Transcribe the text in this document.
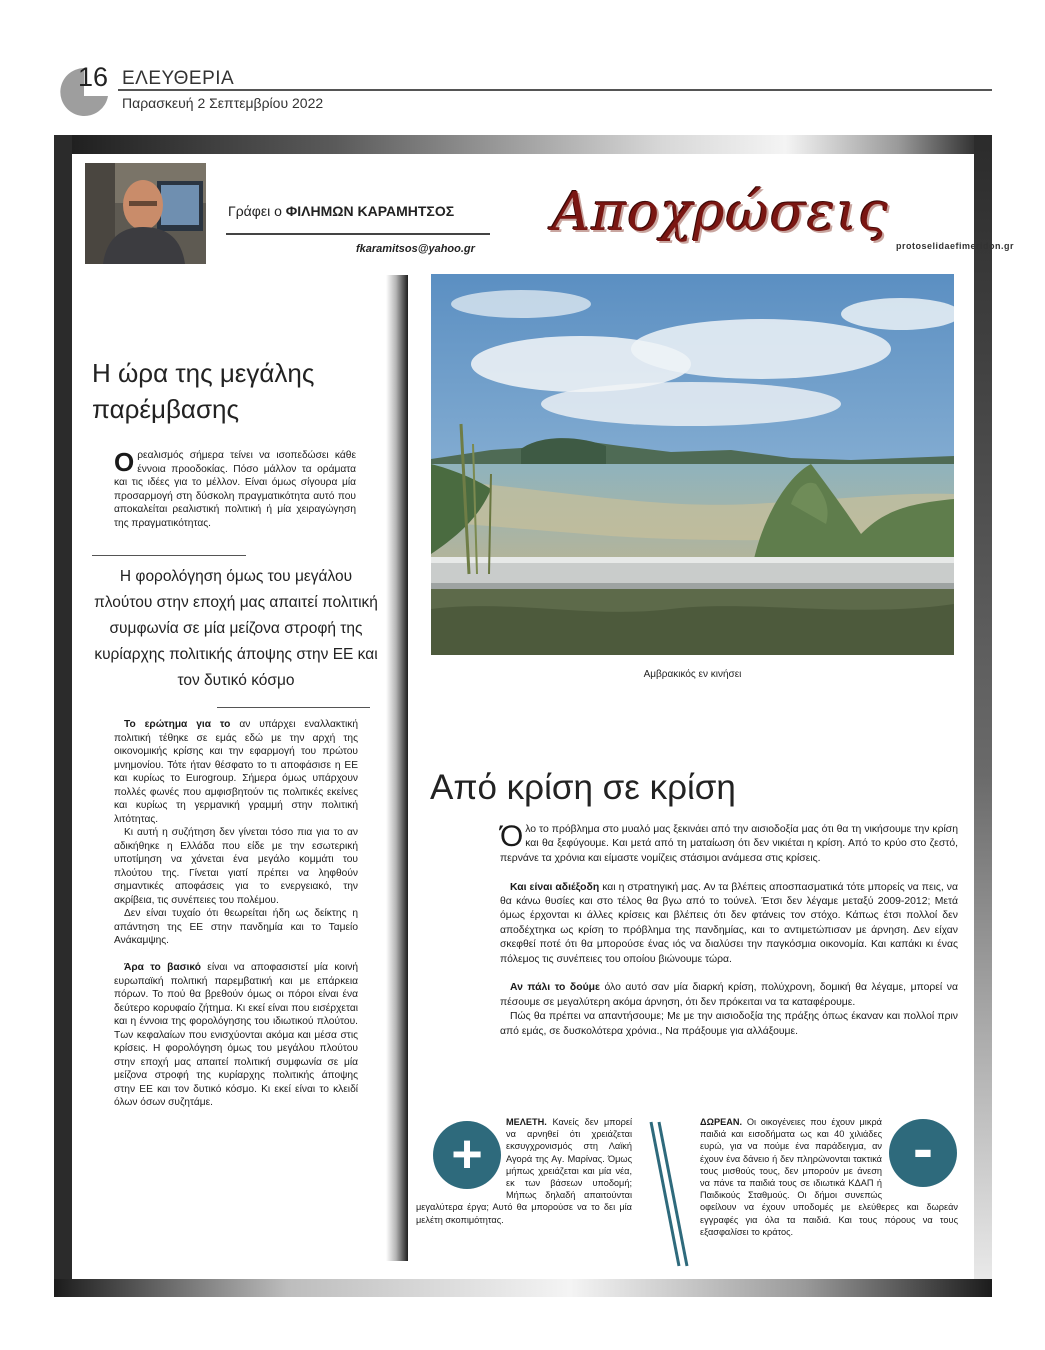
16 ΕΛΕΥΘΕΡΙΑ
Παρασκευή 2 Σεπτεμβρίου 2022
Γράφει ο ΦΙΛΗΜΩΝ ΚΑΡΑΜΗΤΣΟΣ
fkaramitsos@yahoo.gr
Αποχρώσεις
protoselidaefimeridon.gr
Η ώρα της μεγάλης παρέμβασης
Ο ρεαλισμός σήμερα τείνει να ισοπεδώσει κάθε έννοια προοδοκίας. Πόσο μάλλον τα οράματα και τις ιδέες για το μέλλον. Είναι όμως σίγουρα μία προσαρμογή στη δύσκολη πραγματικότητα αυτό που αποκαλείται ρεαλιστική πολιτική ή μία χειραγώγηση της πραγματικότητας.
Η φορολόγηση όμως του μεγάλου πλούτου στην εποχή μας απαιτεί πολιτική συμφωνία σε μία μείζονα στροφή της κυρίαρχης πολιτικής άποψης στην ΕΕ και τον δυτικό κόσμο

Το ερώτημα για το αν υπάρχει εναλλακτική πολιτική τέθηκε σε εμάς εδώ με την αρχή της οικονομικής κρίσης και την εφαρμογή του πρώτου μνημονίου. Τότε ήταν θέσφατο το τι αποφάσισε η ΕΕ και κυρίως το Eurogroup. Σήμερα όμως υπάρχουν πολλές φωνές που αμφισβητούν τις πολιτικές εκείνες και κυρίως τη γερμανική γραμμή στην πολιτική λιτότητας.

Κι αυτή η συζήτηση δεν γίνεται τόσο πια για το αν αδικήθηκε η Ελλάδα που είδε με την εσωτερική υποτίμηση να χάνεται ένα μεγάλο κομμάτι του πλούτου της. Γίνεται γιατί πρέπει να ληφθούν σημαντικές αποφάσεις για το ενεργειακό, την ακρίβεια, τις συνέπειες του πολέμου.

Δεν είναι τυχαίο ότι θεωρείται ήδη ως δείκτης η απάντηση της ΕΕ στην πανδημία και το Ταμείο Ανάκαμψης.

Άρα το βασικό είναι να αποφασιστεί μία κοινή ευρωπαϊκή πολιτική παρεμβατική και με επάρκεια πόρων. Το πού θα βρεθούν όμως οι πόροι είναι ένα δεύτερο κορυφαίο ζήτημα. Κι εκεί είναι που εισέρχεται και η έννοια της φορολόγησης του ιδιωτικού πλούτου. Των κεφαλαίων που ενισχύονται ακόμα και μέσα στις κρίσεις. Η φορολόγηση όμως του μεγάλου πλούτου στην εποχή μας απαιτεί πολιτική συμφωνία σε μία μείζονα στροφή της κυρίαρχης πολιτικής άποψης στην ΕΕ και τον δυτικό κόσμο. Κι εκεί είναι το κλειδί όλων όσων συζητάμε.

Αμβρακικός εν κινήσει
Από κρίση σε κρίση

Όλο το πρόβλημα στο μυαλό μας ξεκινάει από την αισιοδοξία μας ότι θα τη νικήσουμε την κρίση και θα ξεφύγουμε. Και μετά από τη ματαίωση ότι δεν νικιέται η κρίση. Από το κρύο στο ζεστό, περνάνε τα χρόνια και είμαστε νομίζεις στάσιμοι ανάμεσα στις κρίσεις.

Και είναι αδιέξοδη και η στρατηγική μας. Αν τα βλέπεις αποσπασματικά τότε μπορείς να πεις, να θα κάνω θυσίες και στο τέλος θα βγω από το τούνελ. Έτσι δεν λέγαμε μεταξύ 2009-2012; Μετά όμως έρχονται κι άλλες κρίσεις και βλέπεις ότι δεν φτάνεις τον στόχο. Κάπως έτσι πολλοί δεν αποδέχτηκα ως κρίση το πρόβλημα της πανδημίας, και το αντιμετώπισαν με άρνηση. Δεν είχαν σκεφθεί ποτέ ότι θα μπορούσε ένας ιός να διαλύσει την παγκόσμια οικονομία. Και καπάκι κι ένας πόλεμος τις συνέπειες του οποίου βιώνουμε τώρα.

Αν πάλι το δούμε όλο αυτό σαν μία διαρκή κρίση, πολύχρονη, δομική θα λέγαμε, μπορεί να πέσουμε σε μεγαλύτερη ακόμα άρνηση, ότι δεν πρόκειται να τα καταφέρουμε.

Πώς θα πρέπει να απαντήσουμε; Με με την αισιοδοξία της πράξης όπως έκαναν και πολλοί πριν από εμάς, σε δυσκολότερα χρόνια., Να πράξουμε για αλλάξουμε.

+
ΜΕΛΕΤΗ. Κανείς δεν μπορεί να αρνηθεί ότι χρειάζεται εκσυγχρονισμός στη Λαϊκή Αγορά της Αγ. Μαρίνας. Όμως μήπως χρειάζεται και μία νέα, εκ των βάσεων υποδομή; Μήπως δηλαδή απαιτούνται μεγαλύτερα έργα; Αυτό θα μπορούσε να το δει μία μελέτη σκοπιμότητας.
ΔΩΡΕΑΝ. Οι οικογένειες που έχουν μικρά παιδιά και εισοδήματα ως και 40 χιλιάδες ευρώ, για να πούμε ένα παράδειγμα, αν έχουν ένα δάνειο ή δεν πληρώνονται τακτικά τους μισθούς τους, δεν μπορούν με άνεση να πάνε τα παιδιά τους σε ιδιωτικά ΚΔΑΠ ή Παιδικούς Σταθμούς. Οι δήμοι συνεπώς οφείλουν να έχουν υποδομές με ελεύθερες και δωρεάν εγγραφές για όλα τα παιδιά. Και τους πόρους να τους εξασφαλίσει το κράτος.
-
